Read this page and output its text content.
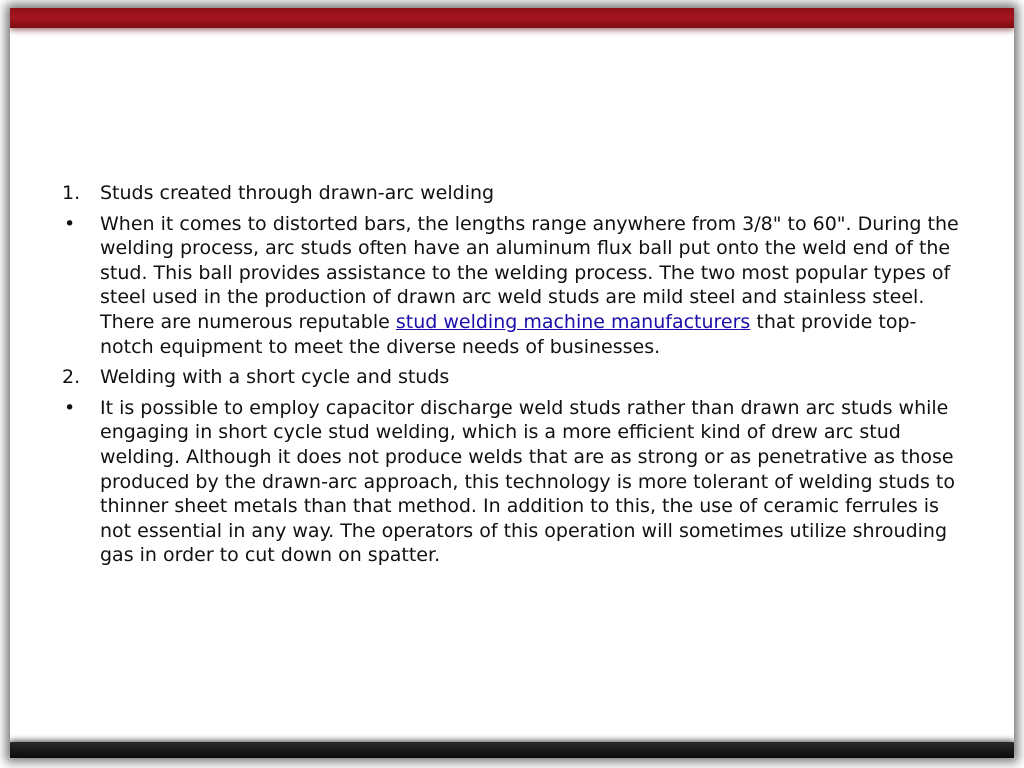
1.	Studs created through drawn-arc welding
•	When it comes to distorted bars, the lengths range anywhere from 3/8" to 60". During the welding process, arc studs often have an aluminum flux ball put onto the weld end of the stud. This ball provides assistance to the welding process. The two most popular types of steel used in the production of drawn arc weld studs are mild steel and stainless steel. There are numerous reputable stud welding machine manufacturers that provide top-notch equipment to meet the diverse needs of businesses.
2.	Welding with a short cycle and studs
•	It is possible to employ capacitor discharge weld studs rather than drawn arc studs while engaging in short cycle stud welding, which is a more efficient kind of drew arc stud welding. Although it does not produce welds that are as strong or as penetrative as those produced by the drawn-arc approach, this technology is more tolerant of welding studs to thinner sheet metals than that method. In addition to this, the use of ceramic ferrules is not essential in any way. The operators of this operation will sometimes utilize shrouding gas in order to cut down on spatter.
